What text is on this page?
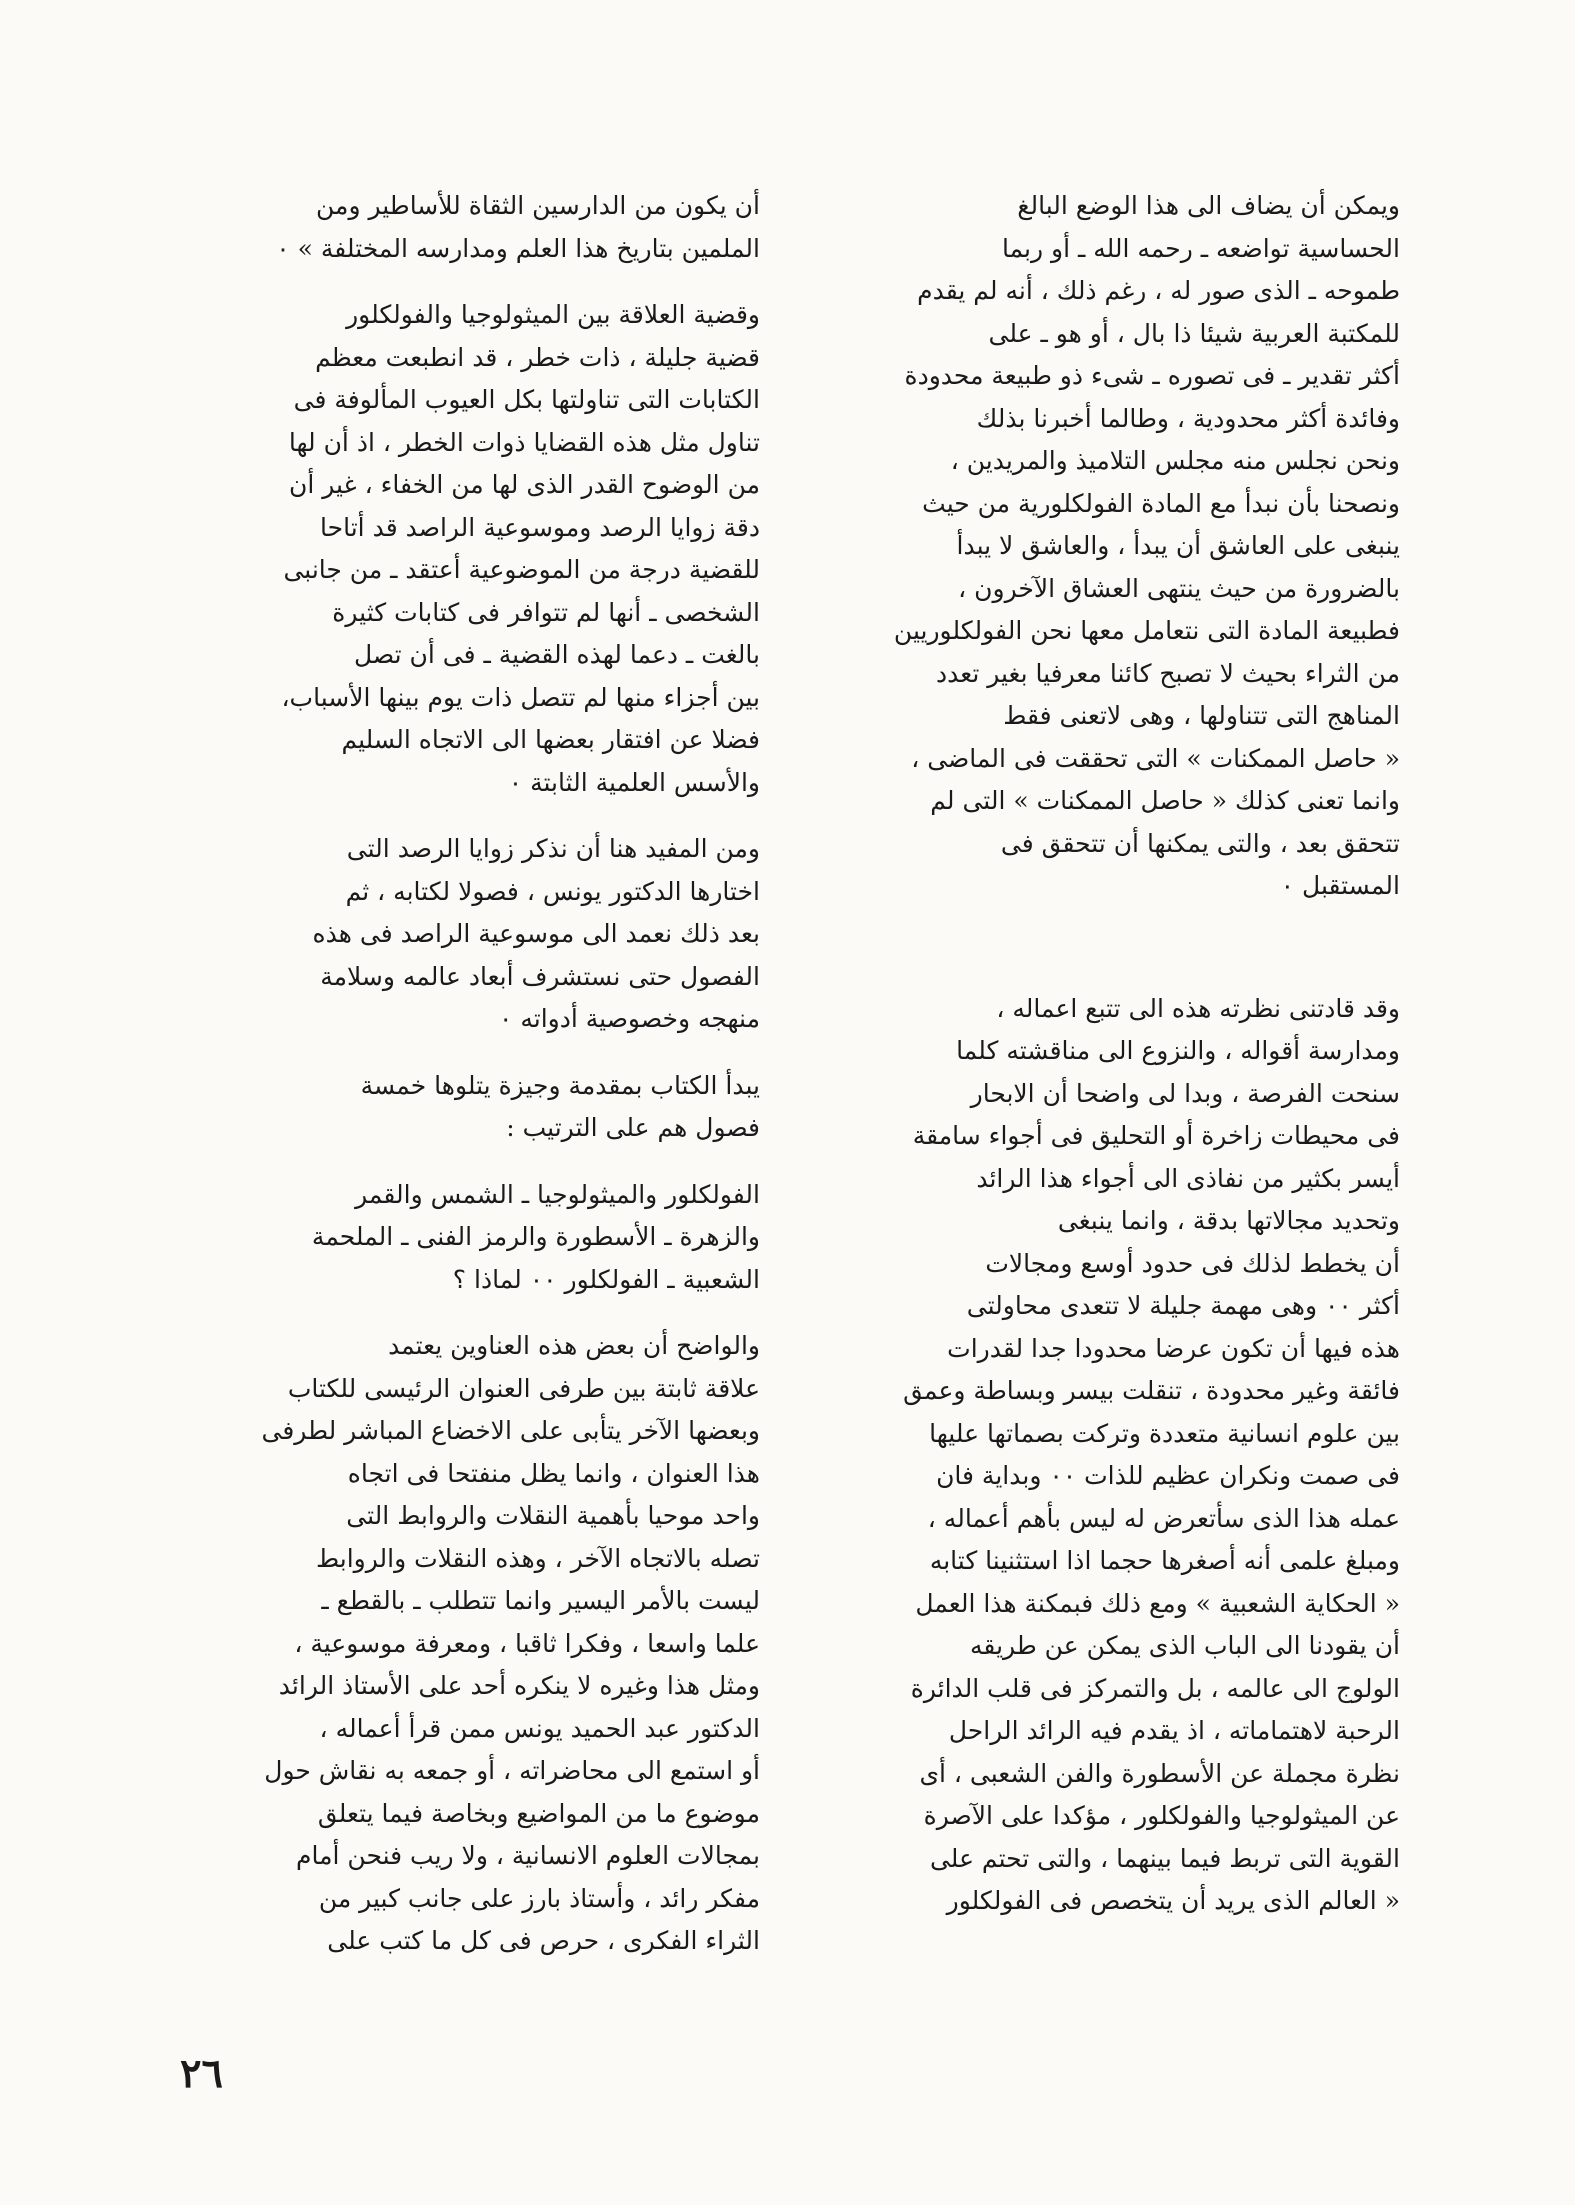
ويمكن أن يضاف الى هذا الوضع البالغ
الحساسية تواضعه ـ رحمه الله ـ أو ربما
طموحه ـ الذى صور له ، رغم ذلك ، أنه لم يقدم
للمكتبة العربية شيئا ذا بال ، أو هو ـ على
أكثر تقدير ـ فى تصوره ـ شىء ذو طبيعة محدودة
وفائدة أكثر محدودية ، وطالما أخبرنا بذلك
ونحن نجلس منه مجلس التلاميذ والمريدين ،
ونصحنا بأن نبدأ مع المادة الفولكلورية من حيث
ينبغى على العاشق أن يبدأ ، والعاشق لا يبدأ
بالضرورة من حيث ينتهى العشاق الآخرون ،
فطبيعة المادة التى نتعامل معها نحن الفولكلوريين
من الثراء بحيث لا تصبح كائنا معرفيا بغير تعدد
المناهج التى تتناولها ، وهى لاتعنى فقط
« حاصل الممكنات » التى تحققت فى الماضى ،
وانما تعنى كذلك « حاصل الممكنات » التى لم
تتحقق بعد ، والتى يمكنها أن تتحقق فى
المستقبل ٠

وقد قادتنى نظرته هذه الى تتبع اعماله ،
ومدارسة أقواله ، والنزوع الى مناقشته كلما
سنحت الفرصة ، وبدا لى واضحا أن الابحار
فى محيطات زاخرة أو التحليق فى أجواء سامقة
أيسر بكثير من نفاذى الى أجواء هذا الرائد
وتحديد مجالاتها بدقة ، وانما ينبغى
أن يخطط لذلك فى حدود أوسع ومجالات
أكثر ٠٠ وهى مهمة جليلة لا تتعدى محاولتى
هذه فيها أن تكون عرضا محدودا جدا لقدرات
فائقة وغير محدودة ، تنقلت بيسر وبساطة وعمق
بين علوم انسانية متعددة وتركت بصماتها عليها
فى صمت ونكران عظيم للذات ٠٠ وبداية فان
عمله هذا الذى سأتعرض له ليس بأهم أعماله ،
ومبلغ علمى أنه أصغرها حجما اذا استثنينا كتابه
« الحكاية الشعبية » ومع ذلك فبمكنة هذا العمل
أن يقودنا الى الباب الذى يمكن عن طريقه
الولوج الى عالمه ، بل والتمركز فى قلب الدائرة
الرحبة لاهتماماته ، اذ يقدم فيه الرائد الراحل
نظرة مجملة عن الأسطورة والفن الشعبى ، أى
عن الميثولوجيا والفولكلور ، مؤكدا على الآصرة
القوية التى تربط فيما بينهما ، والتى تحتم على
« العالم الذى يريد أن يتخصص فى الفولكلور

أن يكون من الدارسين الثقاة للأساطير ومن
الملمين بتاريخ هذا العلم ومدارسه المختلفة » ٠

وقضية العلاقة بين الميثولوجيا والفولكلور
قضية جليلة ، ذات خطر ، قد انطبعت معظم
الكتابات التى تناولتها بكل العيوب المألوفة فى
تناول مثل هذه القضايا ذوات الخطر ، اذ أن لها
من الوضوح القدر الذى لها من الخفاء ، غير أن
دقة زوايا الرصد وموسوعية الراصد قد أتاحا
للقضية درجة من الموضوعية أعتقد ـ من جانبى
الشخصى ـ أنها لم تتوافر فى كتابات كثيرة
بالغت ـ دعما لهذه القضية ـ فى أن تصل
بين أجزاء منها لم تتصل ذات يوم بينها الأسباب،
فضلا عن افتقار بعضها الى الاتجاه السليم
والأسس العلمية الثابتة ٠

ومن المفيد هنا أن نذكر زوايا الرصد التى
اختارها الدكتور يونس ، فصولا لكتابه ، ثم
بعد ذلك نعمد الى موسوعية الراصد فى هذه
الفصول حتى نستشرف أبعاد عالمه وسلامة
منهجه وخصوصية أدواته ٠

يبدأ الكتاب بمقدمة وجيزة يتلوها خمسة
فصول هم على الترتيب :

الفولكلور والميثولوجيا ـ الشمس والقمر
والزهرة ـ الأسطورة والرمز الفنى ـ الملحمة
الشعبية ـ الفولكلور ٠٠ لماذا ؟

والواضح أن بعض هذه العناوين يعتمد
علاقة ثابتة بين طرفى العنوان الرئيسى للكتاب
وبعضها الآخر يتأبى على الاخضاع المباشر لطرفى
هذا العنوان ، وانما يظل منفتحا فى اتجاه
واحد موحيا بأهمية النقلات والروابط التى
تصله بالاتجاه الآخر ، وهذه النقلات والروابط
ليست بالأمر اليسير وانما تتطلب ـ بالقطع ـ
علما واسعا ، وفكرا ثاقبا ، ومعرفة موسوعية ،
ومثل هذا وغيره لا ينكره أحد على الأستاذ الرائد
الدكتور عبد الحميد يونس ممن قرأ أعماله ،
أو استمع الى محاضراته ، أو جمعه به نقاش حول
موضوع ما من المواضيع وبخاصة فيما يتعلق
بمجالات العلوم الانسانية ، ولا ريب فنحن أمام
مفكر رائد ، وأستاذ بارز على جانب كبير من
الثراء الفكرى ، حرص فى كل ما كتب على

٢٦
